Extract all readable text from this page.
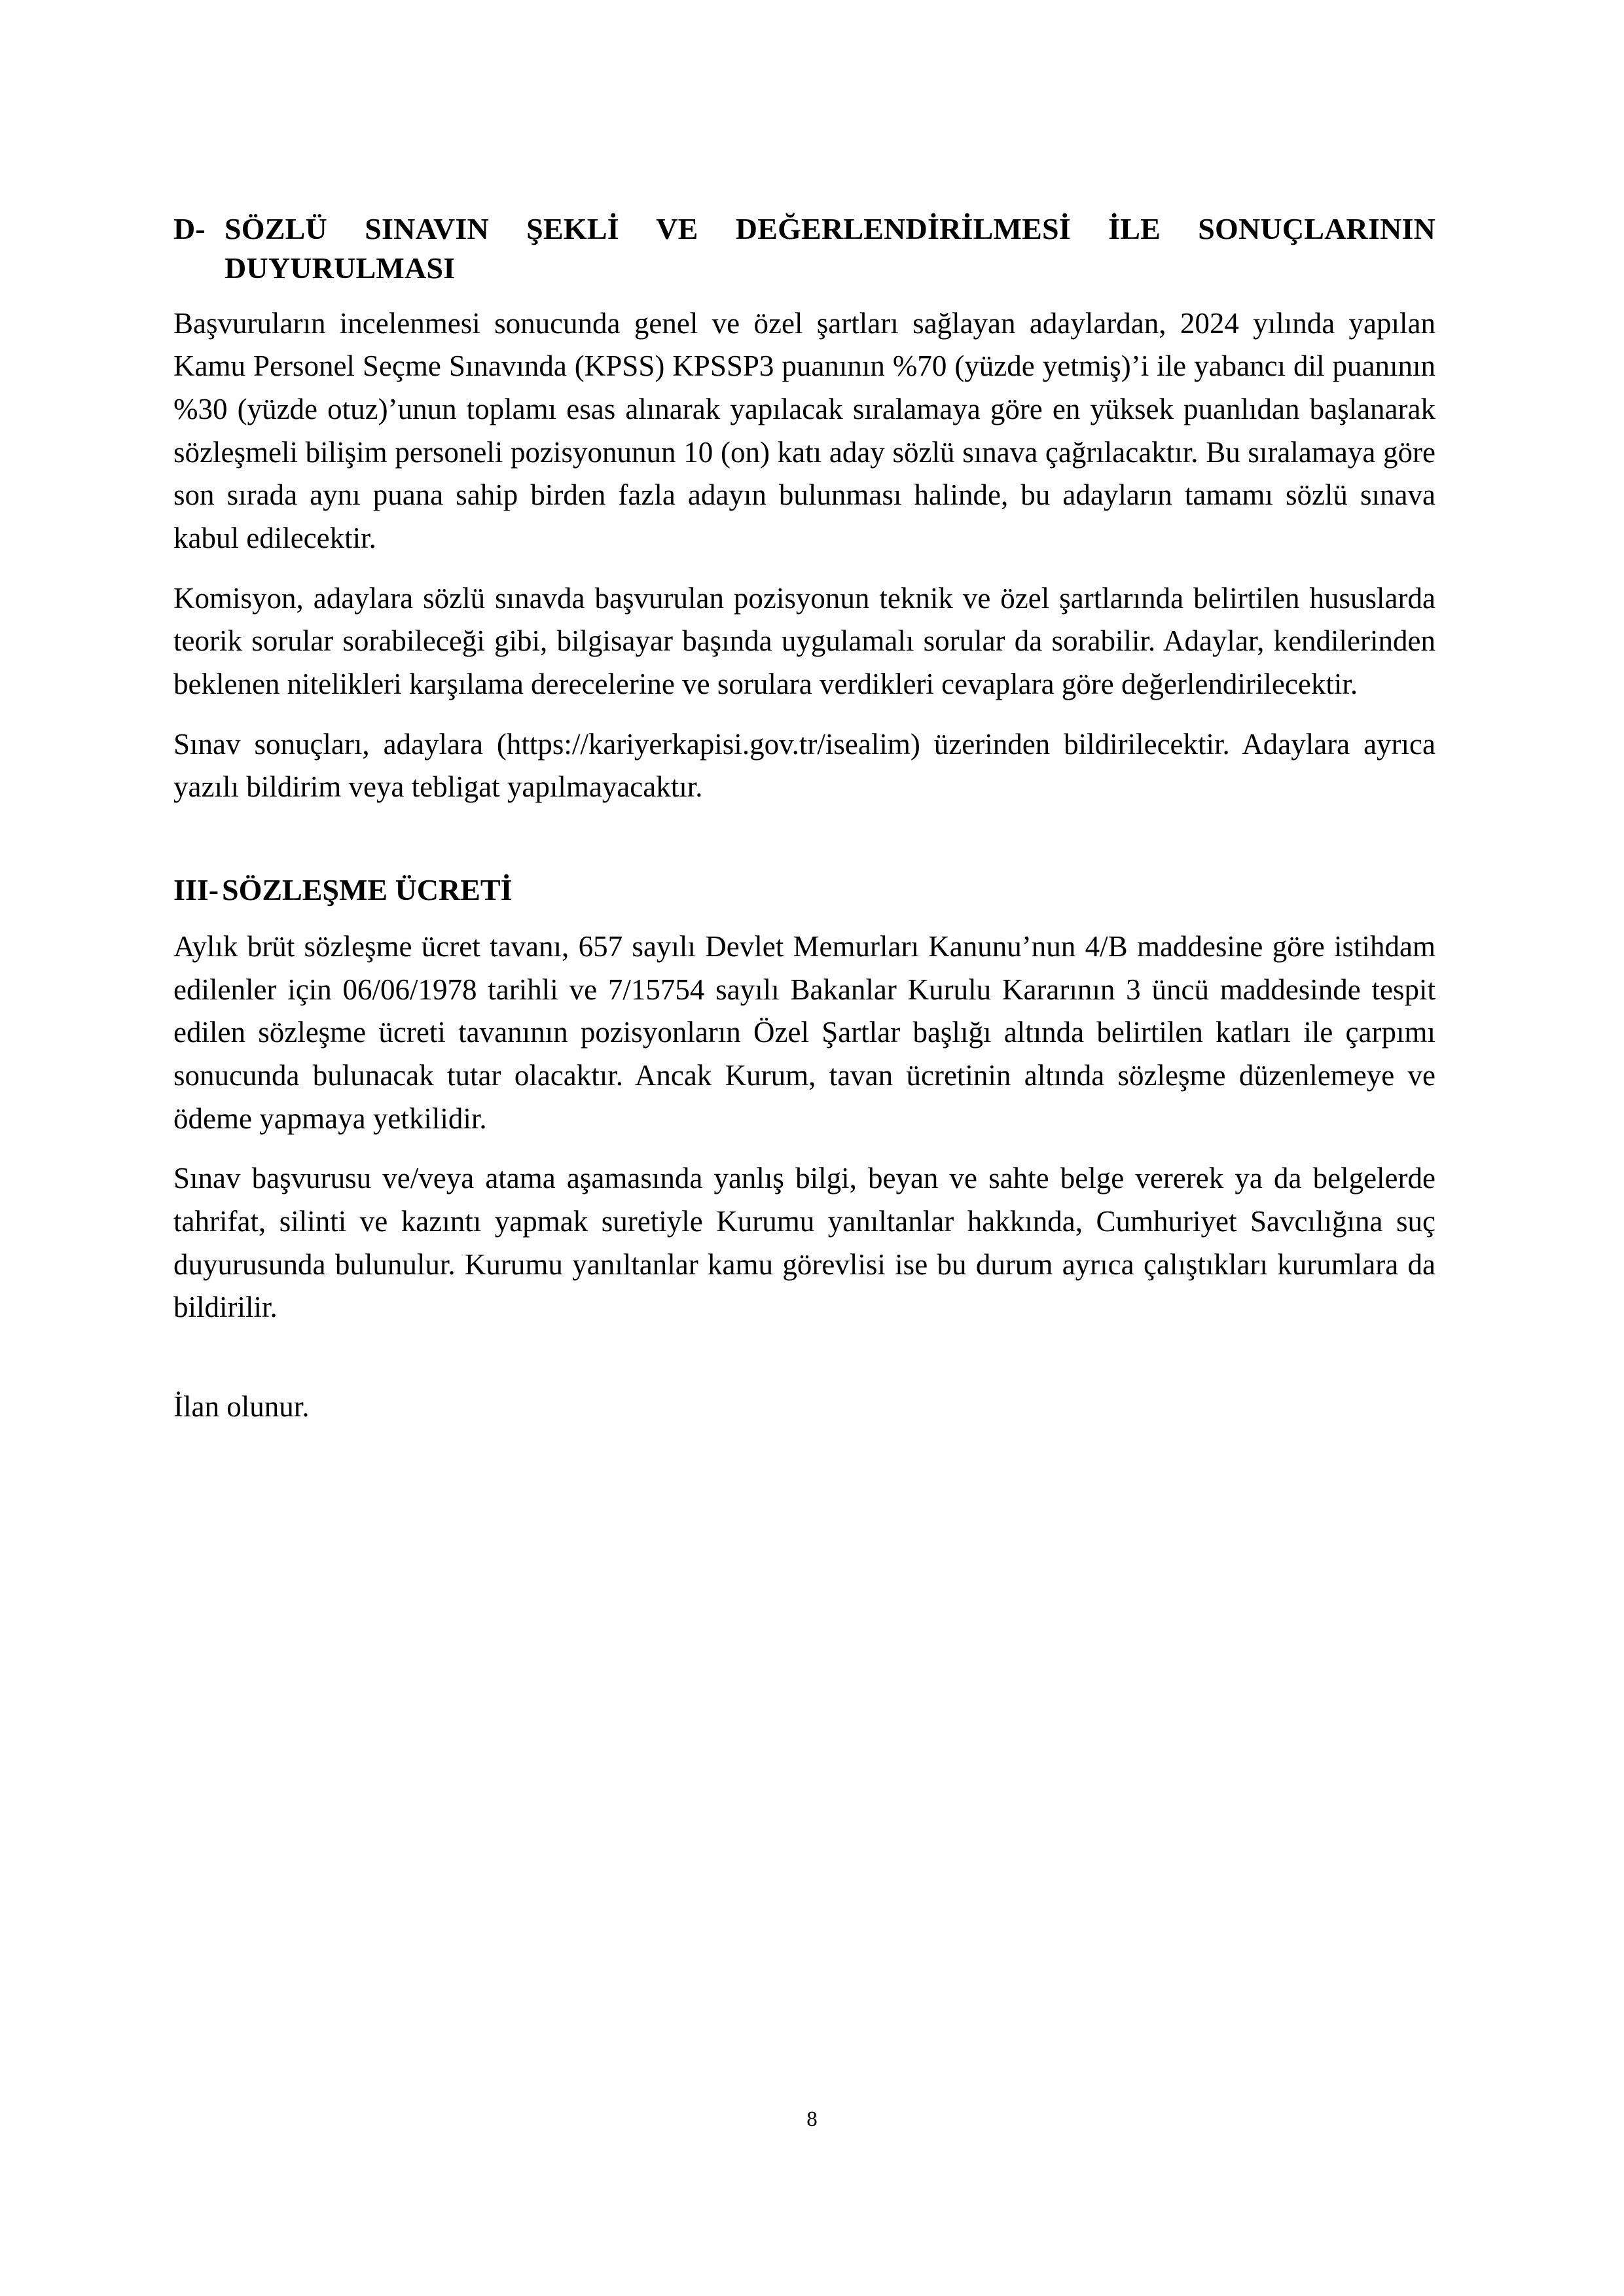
D- SÖZLÜ SINAVIN ŞEKLİ VE DEĞERLENDİRİLMESİ İLE SONUÇLARININ DUYURULMASI

Başvuruların incelenmesi sonucunda genel ve özel şartları sağlayan adaylardan, 2024 yılında yapılan Kamu Personel Seçme Sınavında (KPSS) KPSSP3 puanının %70 (yüzde yetmiş)’i ile yabancı dil puanının %30 (yüzde otuz)’unun toplamı esas alınarak yapılacak sıralamaya göre en yüksek puanlıdan başlanarak sözleşmeli bilişim personeli pozisyonunun 10 (on) katı aday sözlü sınava çağrılacaktır. Bu sıralamaya göre son sırada aynı puana sahip birden fazla adayın bulunması halinde, bu adayların tamamı sözlü sınava kabul edilecektir.

Komisyon, adaylara sözlü sınavda başvurulan pozisyonun teknik ve özel şartlarında belirtilen hususlarda teorik sorular sorabileceği gibi, bilgisayar başında uygulamalı sorular da sorabilir. Adaylar, kendilerinden beklenen nitelikleri karşılama derecelerine ve sorulara verdikleri cevaplara göre değerlendirilecektir.

Sınav sonuçları, adaylara (https://kariyerkapisi.gov.tr/isealim) üzerinden bildirilecektir. Adaylara ayrıca yazılı bildirim veya tebligat yapılmayacaktır.

III- SÖZLEŞME ÜCRETİ

Aylık brüt sözleşme ücret tavanı, 657 sayılı Devlet Memurları Kanunu’nun 4/B maddesine göre istihdam edilenler için 06/06/1978 tarihli ve 7/15754 sayılı Bakanlar Kurulu Kararının 3 üncü maddesinde tespit edilen sözleşme ücreti tavanının pozisyonların Özel Şartlar başlığı altında belirtilen katları ile çarpımı sonucunda bulunacak tutar olacaktır. Ancak Kurum, tavan ücretinin altında sözleşme düzenlemeye ve ödeme yapmaya yetkilidir.

Sınav başvurusu ve/veya atama aşamasında yanlış bilgi, beyan ve sahte belge vererek ya da belgelerde tahrifat, silinti ve kazıntı yapmak suretiyle Kurumu yanıltanlar hakkında, Cumhuriyet Savcılığına suç duyurusunda bulunulur. Kurumu yanıltanlar kamu görevlisi ise bu durum ayrıca çalıştıkları kurumlara da bildirilir.

İlan olunur.

8
